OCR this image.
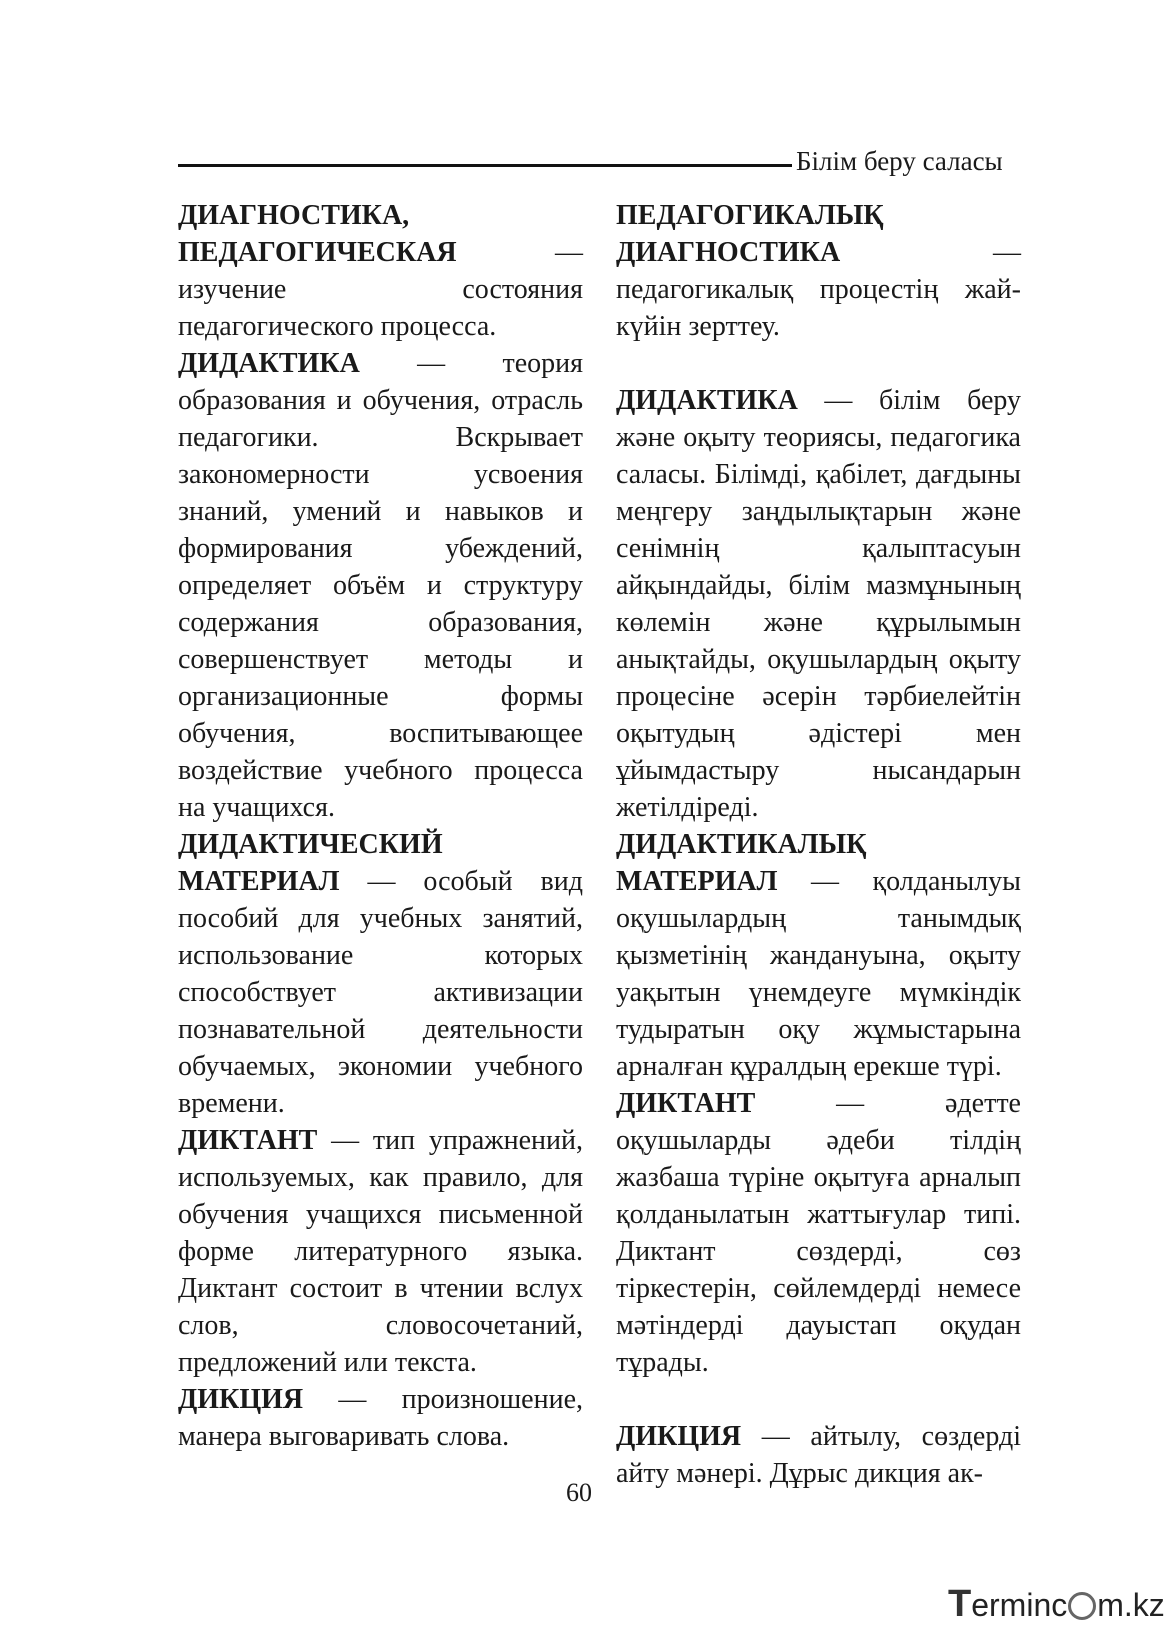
Білім беру саласы

ДИАГНОСТИКА, ПЕДАГОГИЧЕСКАЯ — изучение состояния педагогического процесса.

ДИДАКТИКА — теория образования и обучения, отрасль педагогики. Вскрывает закономерности усвоения знаний, умений и навыков и формирования убеждений, определяет объём и структуру содержания образования, совершенствует методы и организационные формы обучения, воспитывающее воздействие учебного процесса на учащихся.

ДИДАКТИЧЕСКИЙ МАТЕРИАЛ — особый вид пособий для учебных занятий, использование которых способствует активизации познавательной деятельности обучаемых, экономии учебного времени.

ДИКТАНТ — тип упражнений, используемых, как правило, для обучения учащихся письменной форме литературного языка. Диктант состоит в чтении вслух слов, словосочетаний, предложений или текста.

ДИКЦИЯ — произношение, манера выговаривать слова.

ПЕДАГОГИКАЛЫҚ ДИАГНОСТИКА — педагогикалық процестің жай-күйін зерттеу.

ДИДАКТИКА — білім беру және оқыту теориясы, педагогика саласы. Білімді, қабілет, дағдыны меңгеру заңдылықтарын және сенімнің қалыптасуын айқындайды, білім мазмұнының көлемін және құрылымын анықтайды, оқушылардың оқыту процесіне әсерін тәрбиелейтін оқытудың әдістері мен ұйымдастыру нысандарын жетілдіреді.

ДИДАКТИКАЛЫҚ МАТЕРИАЛ — қолданылуы оқушылардың танымдық қызметінің жандануына, оқыту уақытын үнемдеуге мүмкіндік тудыратын оқу жұмыстарына арналған құралдың ерекше түрі.

ДИКТАНТ — әдетте оқушыларды әдеби тілдің жазбаша түріне оқытуға арналып қолданылатын жаттығулар типі. Диктант сөздерді, сөз тіркестерін, сөйлемдерді немесе мәтіндерді дауыстап оқудан тұрады.

ДИКЦИЯ — айтылу, сөздерді айту мәнері. Дұрыс дикция ак-

60
Terminc m.kz
